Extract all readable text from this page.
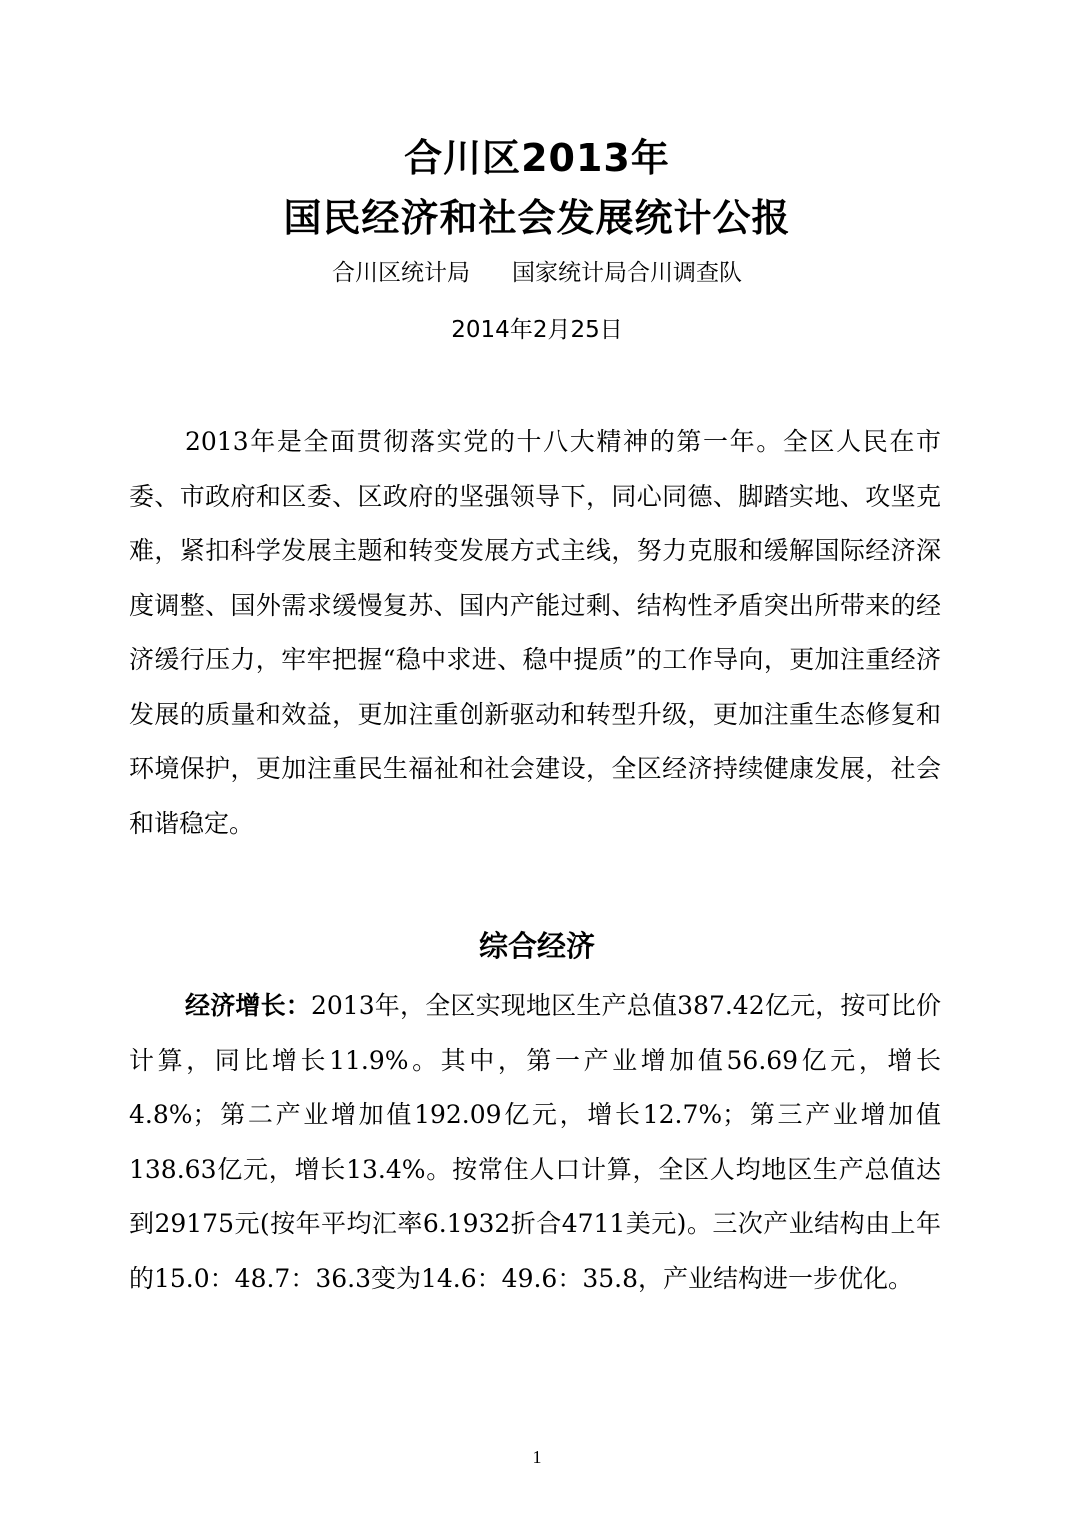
合川区2013年
国民经济和社会发展统计公报
合川区统计局 国家统计局合川调查队
2014年2月25日

2013年是全面贯彻落实党的十八大精神的第一年。全区人民在市委、市政府和区委、区政府的坚强领导下，同心同德、脚踏实地、攻坚克难，紧扣科学发展主题和转变发展方式主线，努力克服和缓解国际经济深度调整、国外需求缓慢复苏、国内产能过剩、结构性矛盾突出所带来的经济缓行压力，牢牢把握“稳中求进、稳中提质”的工作导向，更加注重经济发展的质量和效益，更加注重创新驱动和转型升级，更加注重生态修复和环境保护，更加注重民生福祉和社会建设，全区经济持续健康发展，社会和谐稳定。

综合经济

经济增长：2013年，全区实现地区生产总值387.42亿元，按可比价计算，同比增长11.9%。其中，第一产业增加值56.69亿元，增长4.8%；第二产业增加值192.09亿元，增长12.7%；第三产业增加值138.63亿元，增长13.4%。按常住人口计算，全区人均地区生产总值达到29175元(按年平均汇率6.1932折合4711美元)。三次产业结构由上年的15.0：48.7：36.3变为14.6：49.6：35.8，产业结构进一步优化。

1
